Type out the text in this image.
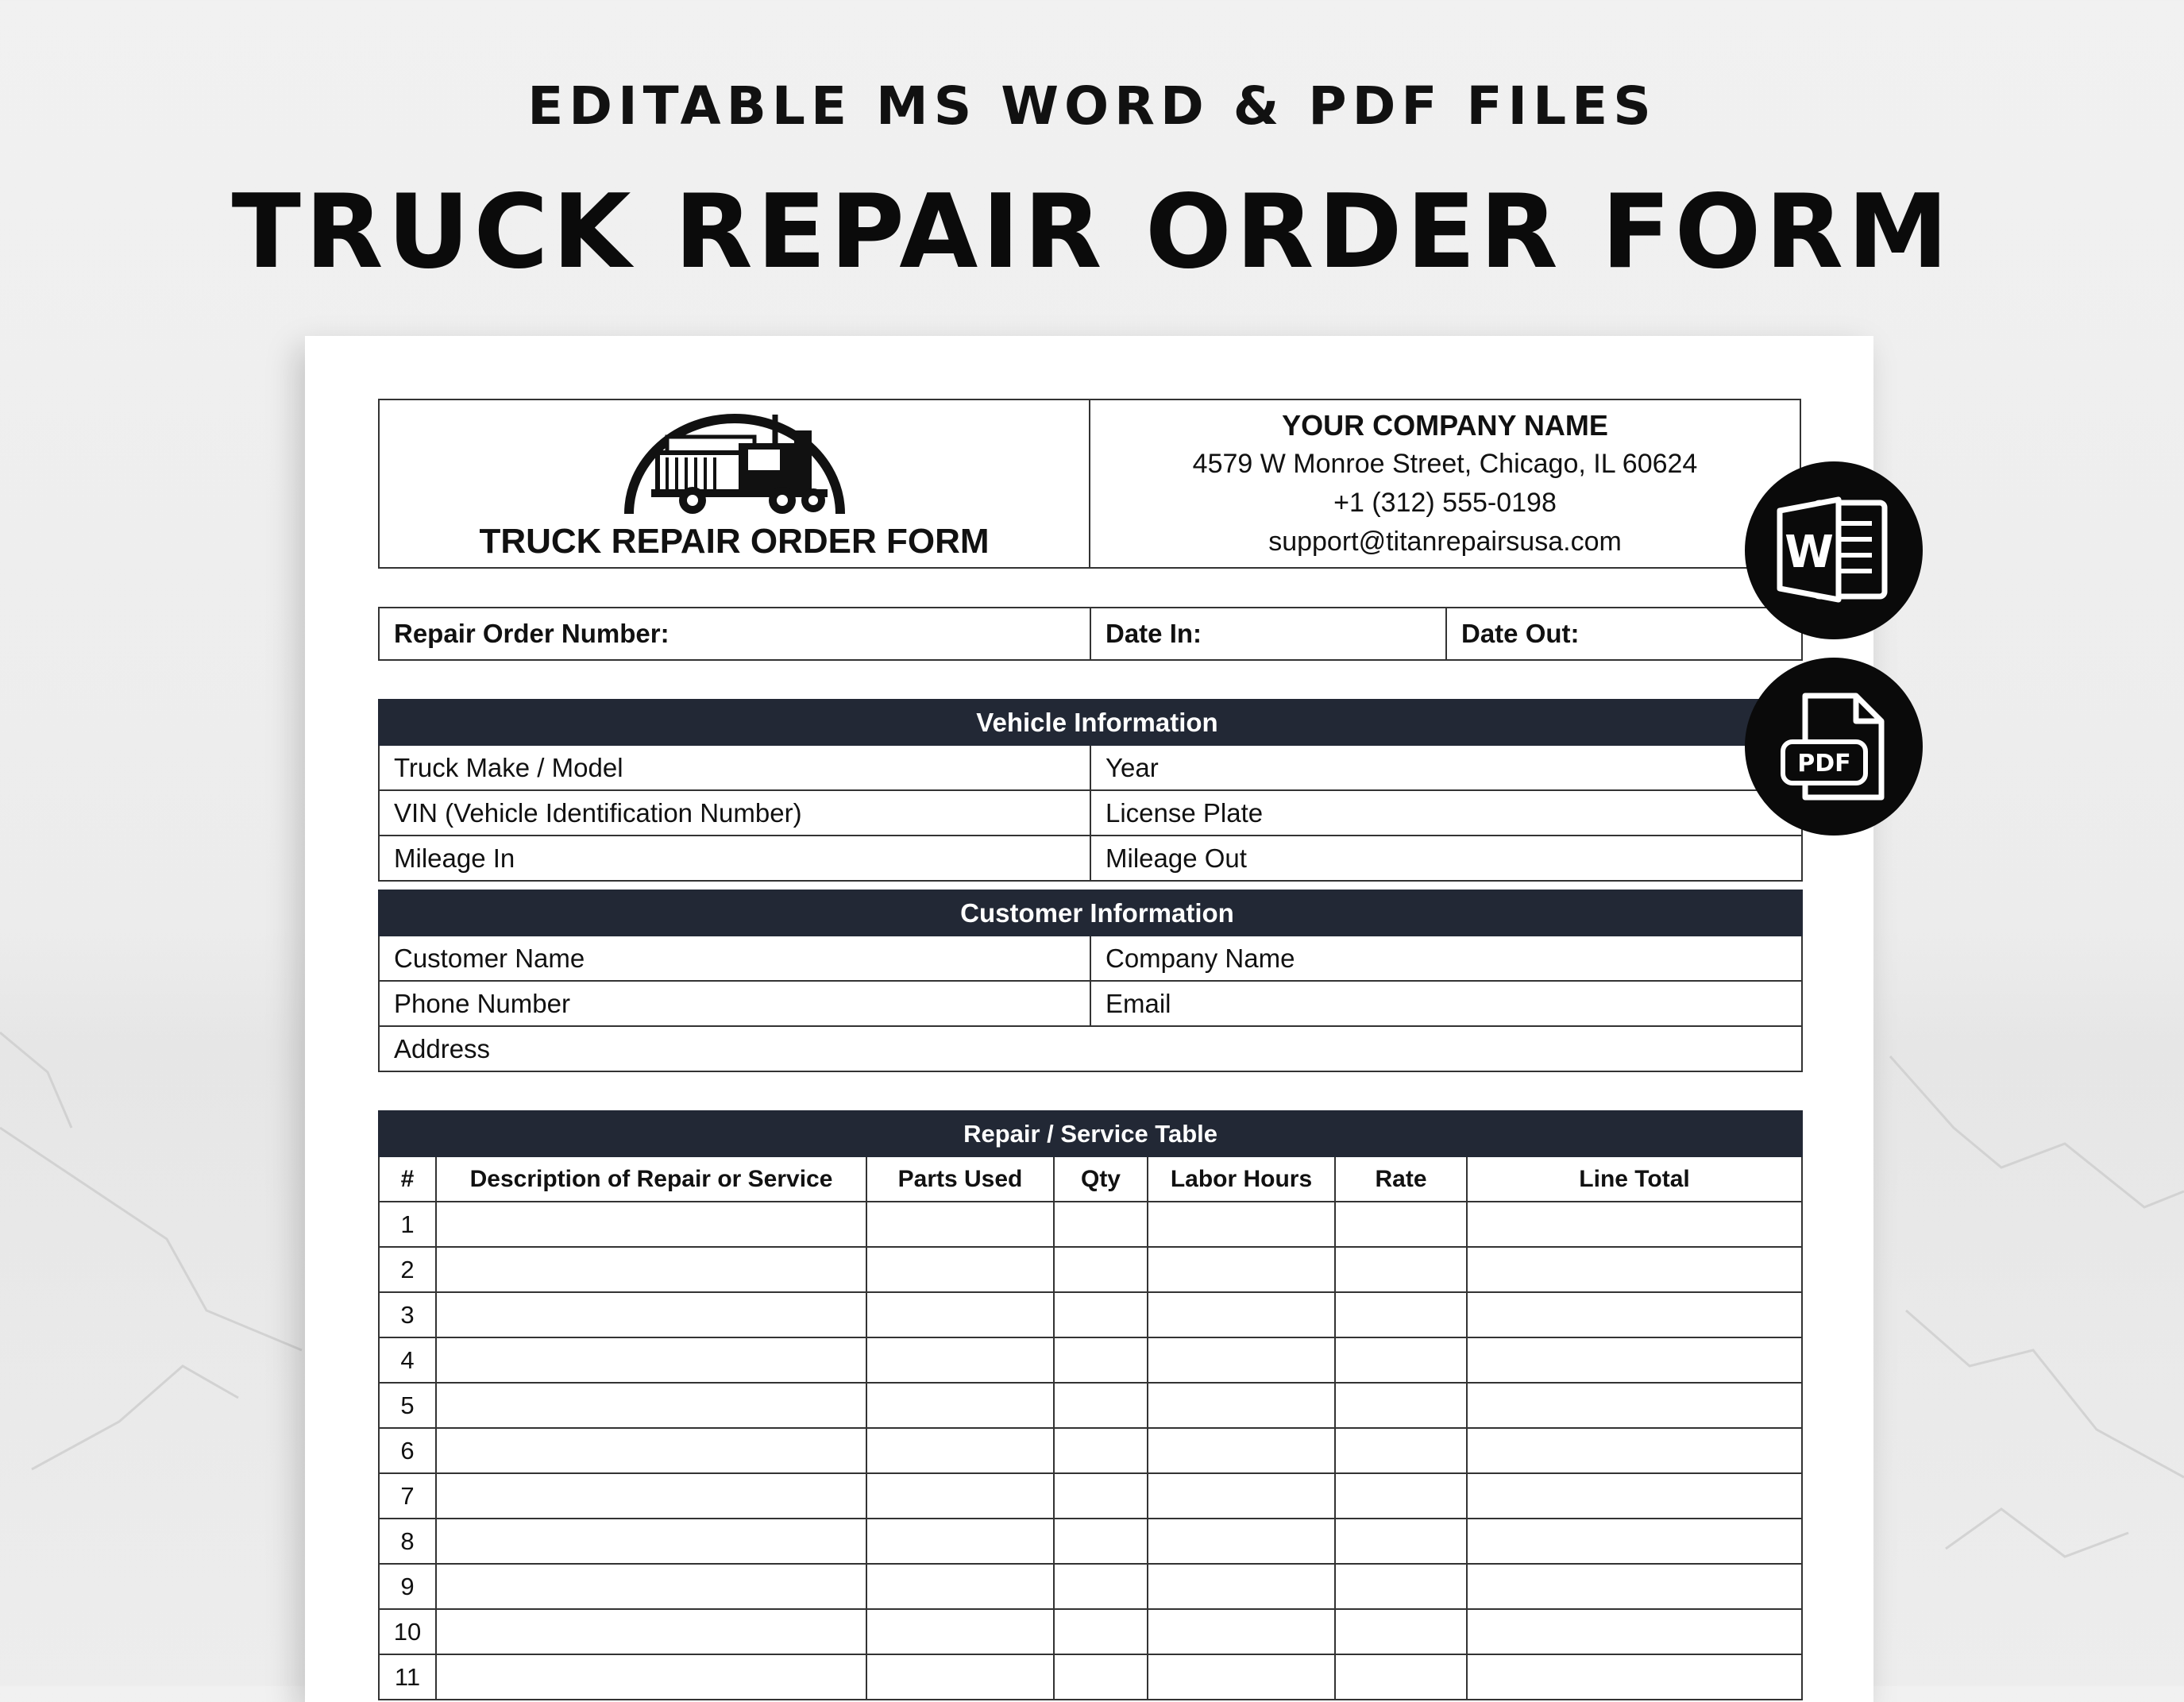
EDITABLE MS WORD & PDF FILES
TRUCK REPAIR ORDER FORM
TRUCK REPAIR ORDER FORM

YOUR COMPANY NAME
4579 W Monroe Street, Chicago, IL 60624
+1 (312) 555-0198
support@titanrepairsusa.com
Repair Order Number:	Date In:	Date Out:
Vehicle Information	
Truck Make / Model	Year
VIN (Vehicle Identification Number)	License Plate
Mileage In	Mileage Out
Customer Information	
Customer Name	Company Name
Phone Number	Email
Address	
Repair / Service Table						
#	Description of Repair or Service	Parts Used	Qty	Labor Hours	Rate	Line Total
1						
2						
3						
4						
5						
6						
7						
8						
9						
10						
11						
W
PDF
